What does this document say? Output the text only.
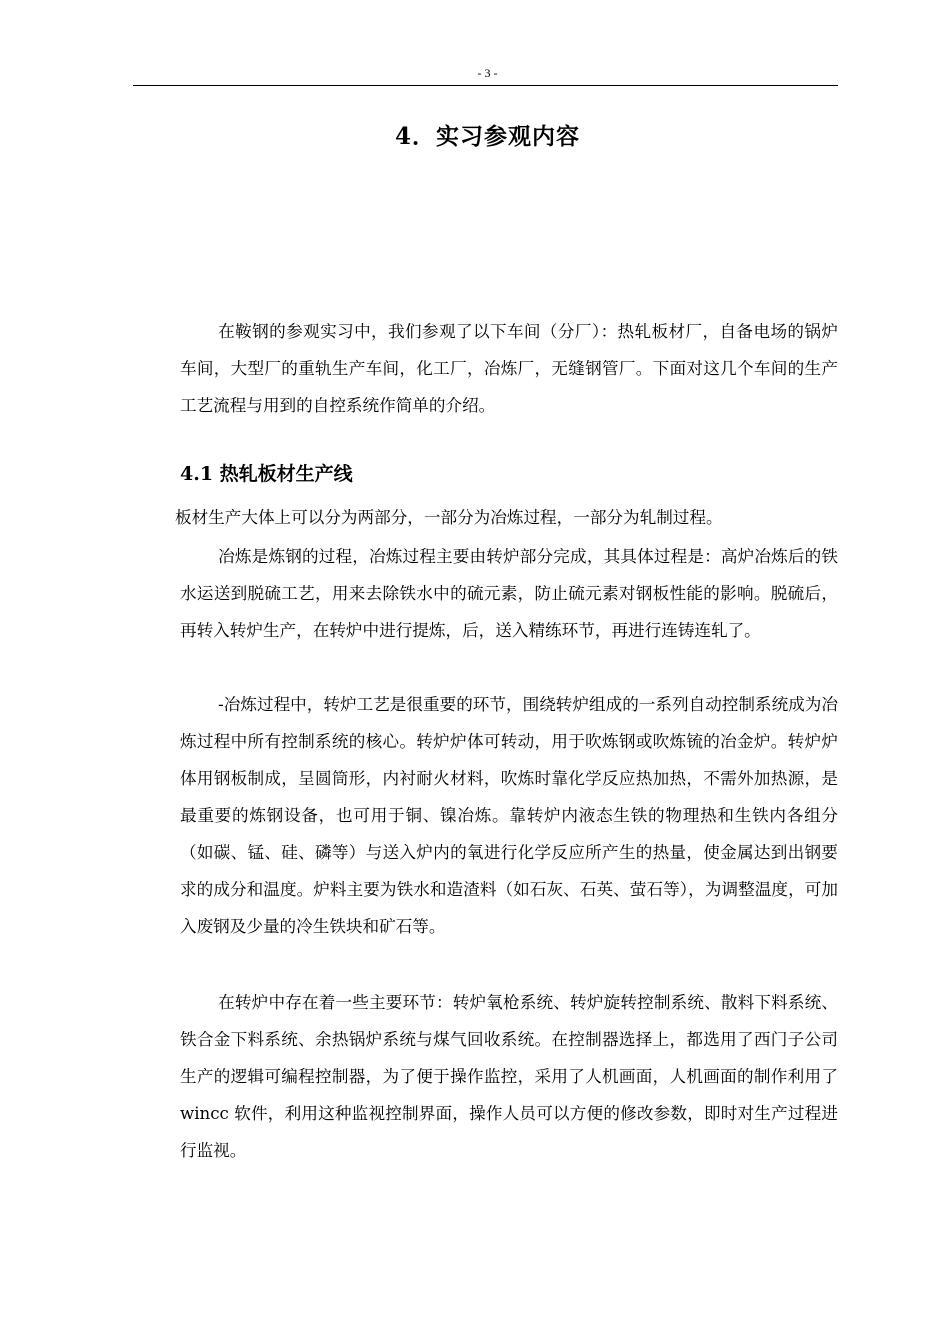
- 3 -
4．实习参观内容

在鞍钢的参观实习中，我们参观了以下车间（分厂）：热轧板材厂，自备电场的锅炉车间，大型厂的重轨生产车间，化工厂，冶炼厂，无缝钢管厂。下面对这几个车间的生产工艺流程与用到的自控系统作简单的介绍。

4.1 热轧板材生产线

板材生产大体上可以分为两部分，一部分为冶炼过程，一部分为轧制过程。

冶炼是炼钢的过程，冶炼过程主要由转炉部分完成，其具体过程是：高炉冶炼后的铁水运送到脱硫工艺，用来去除铁水中的硫元素，防止硫元素对钢板性能的影响。脱硫后，再转入转炉生产，在转炉中进行提炼，后，送入精练环节，再进行连铸连轧了。

-冶炼过程中，转炉工艺是很重要的环节，围绕转炉组成的一系列自动控制系统成为冶炼过程中所有控制系统的核心。转炉炉体可转动，用于吹炼钢或吹炼锍的冶金炉。转炉炉体用钢板制成，呈圆筒形，内衬耐火材料，吹炼时靠化学反应热加热，不需外加热源，是最重要的炼钢设备，也可用于铜、镍冶炼。靠转炉内液态生铁的物理热和生铁内各组分（如碳、锰、硅、磷等）与送入炉内的氧进行化学反应所产生的热量，使金属达到出钢要求的成分和温度。炉料主要为铁水和造渣料（如石灰、石英、萤石等），为调整温度，可加入废钢及少量的冷生铁块和矿石等。

在转炉中存在着一些主要环节：转炉氧枪系统、转炉旋转控制系统、散料下料系统、铁合金下料系统、余热锅炉系统与煤气回收系统。在控制器选择上，都选用了西门子公司生产的逻辑可编程控制器，为了便于操作监控，采用了人机画面，人机画面的制作利用了 wincc 软件，利用这种监视控制界面，操作人员可以方便的修改参数，即时对生产过程进行监视。
